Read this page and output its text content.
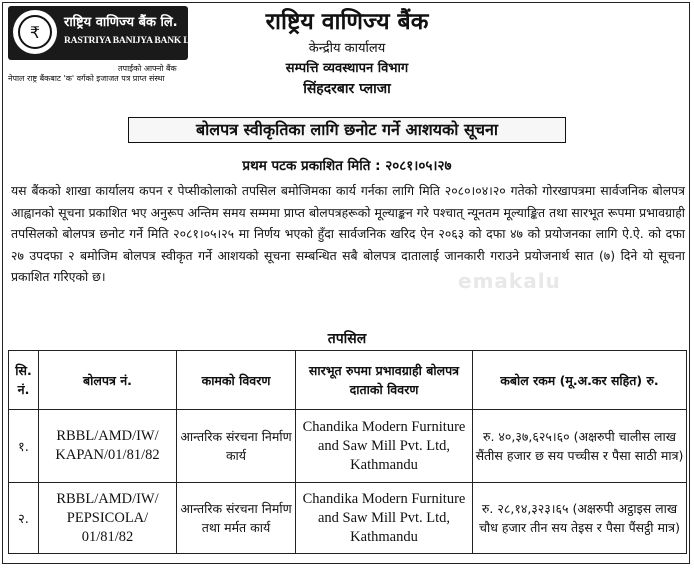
₹	राष्ट्रिय वाणिज्य बैंक लि.
RASTRIYA BANIJYA BANK LTD.
तपाईंको आफ्नो बैंक
नेपाल राष्ट्र बैंकबाट 'क' वर्गको इजाजत पत्र प्राप्त संस्था
राष्ट्रिय वाणिज्य बैंक
केन्द्रीय कार्यालय
सम्पत्ति व्यवस्थापन विभाग
सिंहदरबार प्लाजा
बोलपत्र स्वीकृतिका लागि छनोट गर्ने आशयको सूचना
प्रथम पटक प्रकाशित मिति : २०८१।०५।२७
emakalu
यस बैंकको शाखा कार्यालय कपन र पेप्सीकोलाको तपसिल बमोजिमका कार्य गर्नका लागि मिति २०८०।०४।२० गतेको गोरखापत्रमा सार्वजनिक बोलपत्र आह्वानको सूचना प्रकाशित भए अनुरूप अन्तिम समय सम्ममा प्राप्त बोलपत्रहरूको मूल्याङ्कन गरे पश्चात् न्यूनतम मूल्याङ्कित तथा सारभूत रूपमा प्रभावग्राही तपसिलको बोलपत्र छनोट गर्ने मिति २०८१।०५।२५ मा निर्णय भएको हुँदा सार्वजनिक खरिद ऐन २०६३ को दफा ४७ को प्रयोजनका लागि ऐ.ऐ. को दफा २७ उपदफा २ बमोजिम बोलपत्र स्वीकृत गर्ने आशयको सूचना सम्बन्धित सबै बोलपत्र दातालाई जानकारी गराउने प्रयोजनार्थ सात (७) दिने यो सूचना प्रकाशित गरिएको छ।
तपसिल
सि. नं.	बोलपत्र नं.	कामको विवरण	सारभूत रुपमा प्रभावग्राही बोलपत्र दाताको विवरण	कबोल रकम (मू.अ.कर सहित) रु.
१.	RBBL/AMD/IW/ KAPAN/01/81/82	आन्तरिक संरचना निर्माण कार्य	Chandika Modern Furniture and Saw Mill Pvt. Ltd, Kathmandu	रु. ४०,३७,६२५।६० (अक्षरुपी चालीस लाख सैंतीस हजार छ सय पच्चीस र पैसा साठी मात्र)
२.	RBBL/AMD/IW/ PEPSICOLA/ 01/81/82	आन्तरिक संरचना निर्माण तथा मर्मत कार्य	Chandika Modern Furniture and Saw Mill Pvt. Ltd, Kathmandu	रु. २८,१४,३२३।६५ (अक्षरुपी अट्ठाइस लाख चौध हजार तीन सय तेइस र पैसा पैंसट्ठी मात्र)
